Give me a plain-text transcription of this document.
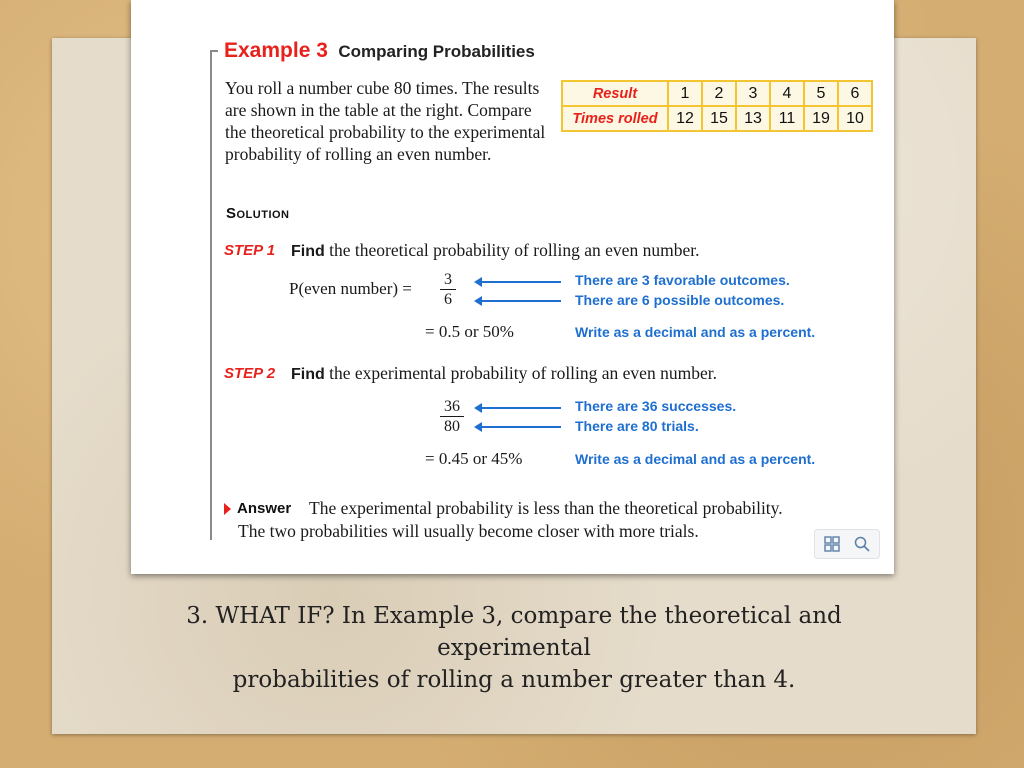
Example 3 Comparing Probabilities
You roll a number cube 80 times. The results are shown in the table at the right. Compare the theoretical probability to the experimental probability of rolling an even number.
Result	1	2	3	4	5	6
Times rolled	12	15	13	11	19	10
Solution
STEP 1 Find the theoretical probability of rolling an even number.
P(even number) = $\frac{3}{6}$	There are 3 favorable outcomes.
There are 6 possible outcomes.
= 0.5 or 50%	Write as a decimal and as a percent.
STEP 2 Find the experimental probability of rolling an even number.
$\frac{36}{80}$	There are 36 successes.
There are 80 trials.
= 0.45 or 45%	Write as a decimal and as a percent.
Answer The experimental probability is less than the theoretical probability.
The two probabilities will usually become closer with more trials.
3. WHAT IF? In Example 3, compare the theoretical and
experimental
probabilities of rolling a number greater than 4.
